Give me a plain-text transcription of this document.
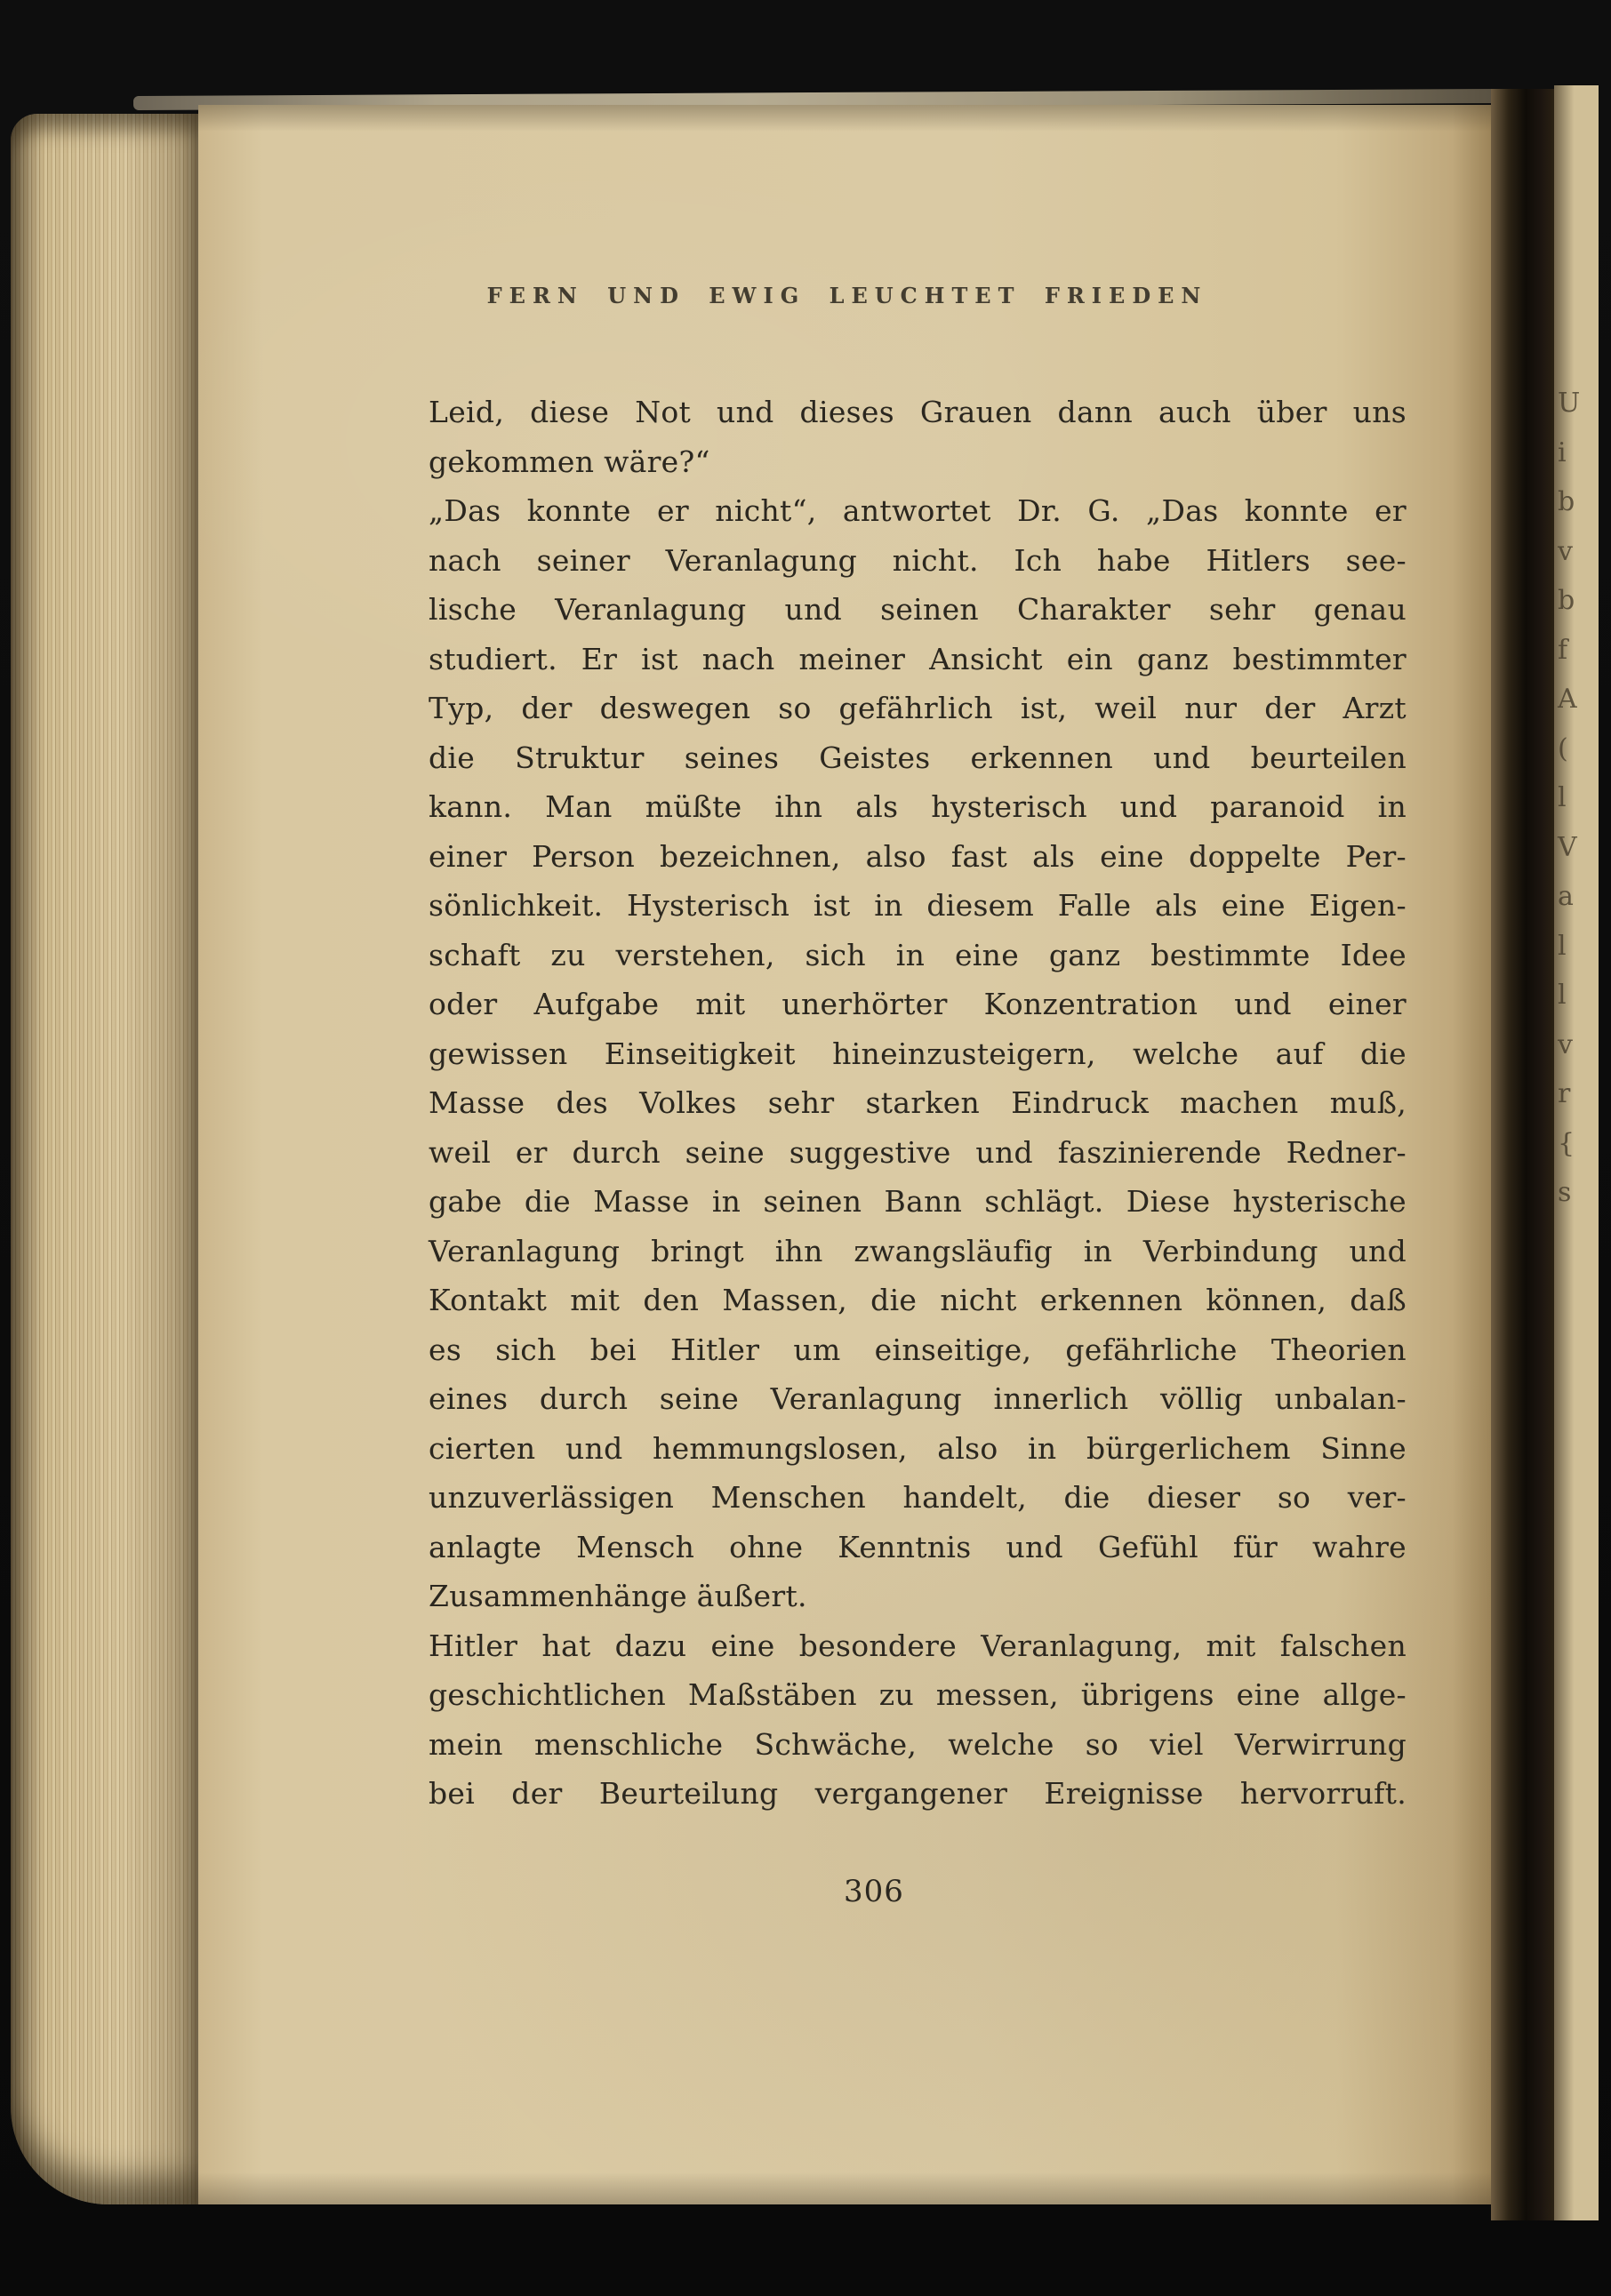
FERN UND EWIG LEUCHTET FRIEDEN
Leid, diese Not und dieses Grauen dann auch über uns
gekommen wäre?“
„Das konnte er nicht“, antwortet Dr. G. „Das konnte er
nach seiner Veranlagung nicht. Ich habe Hitlers see-
lische Veranlagung und seinen Charakter sehr genau
studiert. Er ist nach meiner Ansicht ein ganz bestimmter
Typ, der deswegen so gefährlich ist, weil nur der Arzt
die Struktur seines Geistes erkennen und beurteilen
kann. Man müßte ihn als hysterisch und paranoid in
einer Person bezeichnen, also fast als eine doppelte Per-
sönlichkeit. Hysterisch ist in diesem Falle als eine Eigen-
schaft zu verstehen, sich in eine ganz bestimmte Idee
oder Aufgabe mit unerhörter Konzentration und einer
gewissen Einseitigkeit hineinzusteigern, welche auf die
Masse des Volkes sehr starken Eindruck machen muß,
weil er durch seine suggestive und faszinierende Redner-
gabe die Masse in seinen Bann schlägt. Diese hysterische
Veranlagung bringt ihn zwangsläufig in Verbindung und
Kontakt mit den Massen, die nicht erkennen können, daß
es sich bei Hitler um einseitige, gefährliche Theorien
eines durch seine Veranlagung innerlich völlig unbalan-
cierten und hemmungslosen, also in bürgerlichem Sinne
unzuverlässigen Menschen handelt, die dieser so ver-
anlagte Mensch ohne Kenntnis und Gefühl für wahre
Zusammenhänge äußert.
Hitler hat dazu eine besondere Veranlagung, mit falschen
geschichtlichen Maßstäben zu messen, übrigens eine allge-
mein menschliche Schwäche, welche so viel Verwirrung
bei der Beurteilung vergangener Ereignisse hervorruft.
306
U
i
b
v
b
f
A
(
l
V
a
l
l
v
r
{
s
